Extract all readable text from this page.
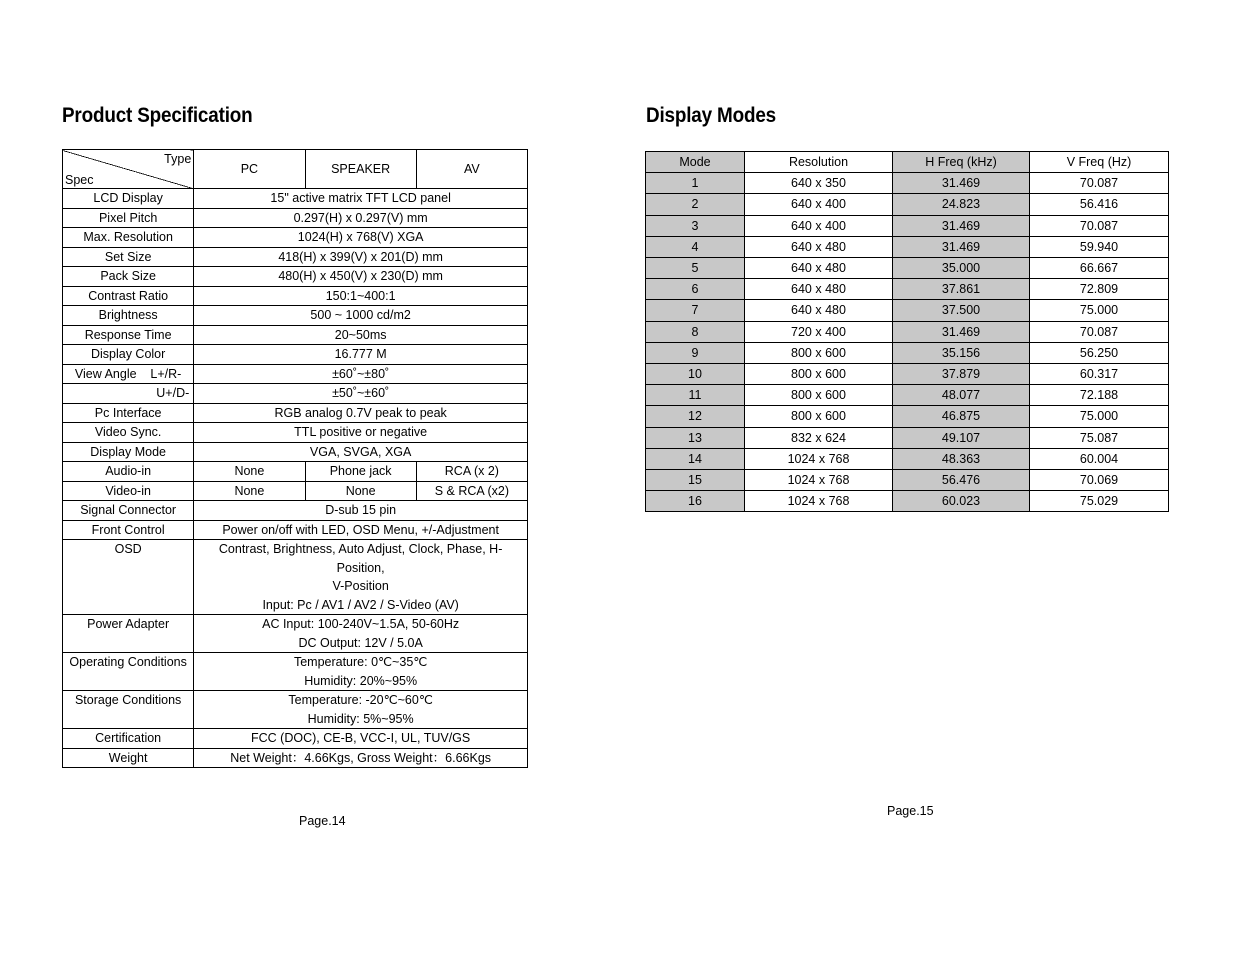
Product Specification
Type
Spec	PC	SPEAKER	AV
LCD Display	15" active matrix TFT LCD panel		
Pixel Pitch	0.297(H) x 0.297(V) mm		
Max. Resolution	1024(H) x 768(V) XGA		
Set Size	418(H) x 399(V) x 201(D) mm		
Pack Size	480(H) x 450(V) x 230(D) mm		
Contrast Ratio	150:1~400:1		
Brightness	500 ~ 1000 cd/m2		
Response Time	20~50ms		
Display Color	16.777 M		
View Angle    L+/R-	±60˚~±80˚		
U+/D-	±50˚~±60˚		
Pc Interface	RGB analog 0.7V peak to peak		
Video Sync.	TTL positive or negative		
Display Mode	VGA, SVGA, XGA		
Audio-in	None	Phone jack	RCA (x 2)
Video-in	None	None	S & RCA (x2)
Signal Connector	D-sub 15 pin		
Front Control	Power on/off with LED, OSD Menu, +/-Adjustment		
OSD	Contrast, Brightness, Auto Adjust, Clock, Phase, H-Position,
V-Position
Input: Pc / AV1 / AV2 / S-Video (AV)		

Power Adapter	AC Input: 100-240V~1.5A, 50-60Hz
DC Output: 12V / 5.0A		

Operating Conditions	Temperature: 0℃~35℃
Humidity: 20%~95%		

Storage Conditions	Temperature: -20℃~60℃
Humidity: 5%~95%		

Certification	FCC (DOC), CE-B, VCC-I, UL, TUV/GS		
Weight	Net Weight：4.66Kgs, Gross Weight：6.66Kgs		
Page.14
Display Modes
Mode	Resolution	H Freq (kHz)	V Freq (Hz)
1	640 x 350	31.469	70.087
2	640 x 400	24.823	56.416
3	640 x 400	31.469	70.087
4	640 x 480	31.469	59.940
5	640 x 480	35.000	66.667
6	640 x 480	37.861	72.809
7	640 x 480	37.500	75.000
8	720 x 400	31.469	70.087
9	800 x 600	35.156	56.250
10	800 x 600	37.879	60.317
11	800 x 600	48.077	72.188
12	800 x 600	46.875	75.000
13	832 x 624	49.107	75.087
14	1024 x 768	48.363	60.004
15	1024 x 768	56.476	70.069
16	1024 x 768	60.023	75.029
Page.15
